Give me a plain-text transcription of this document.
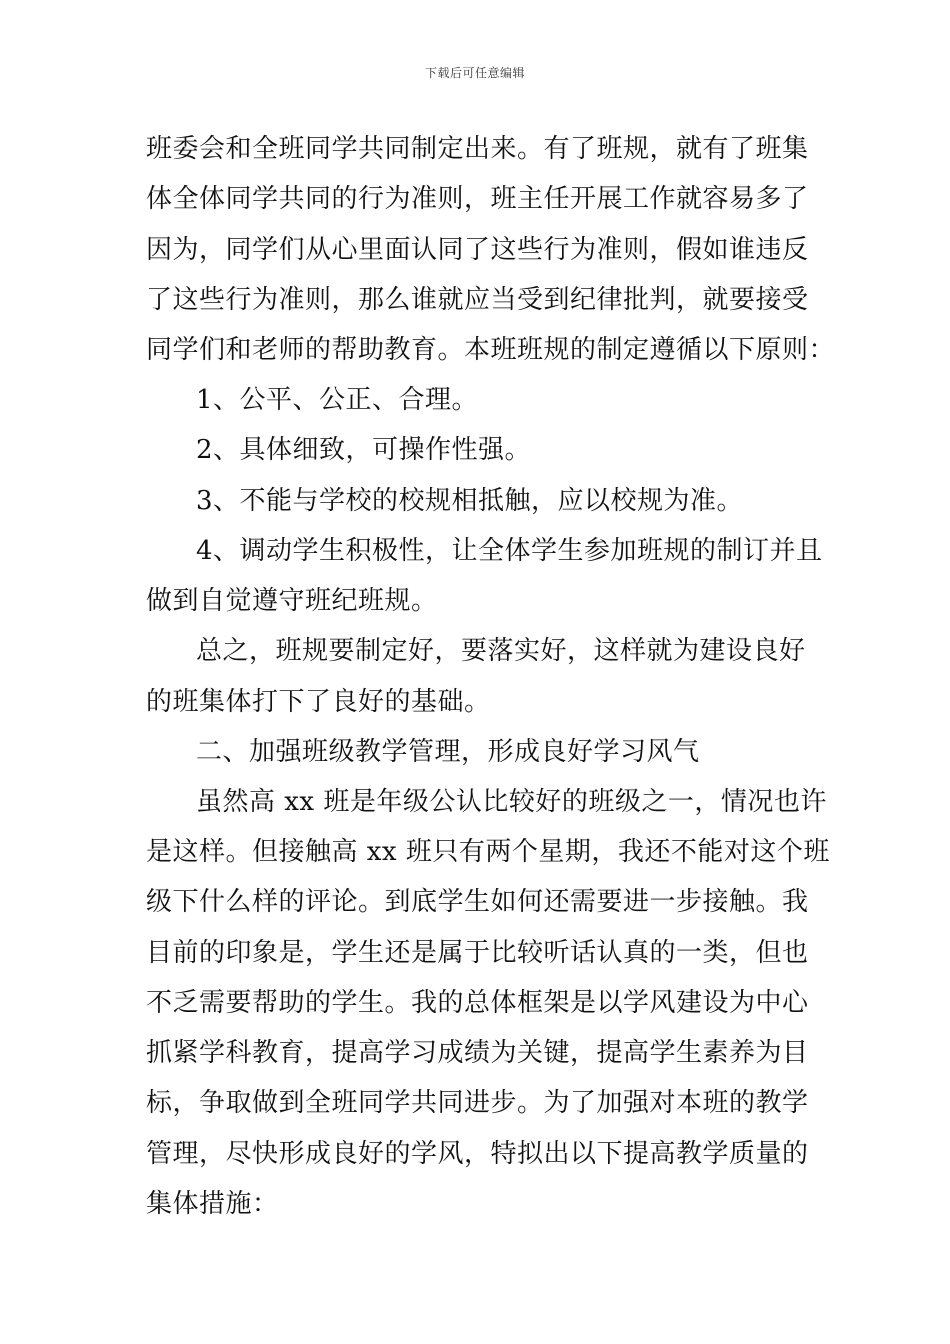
下载后可任意编辑
班委会和全班同学共同制定出来。有了班规，就有了班集
体全体同学共同的行为准则，班主任开展工作就容易多了
因为，同学们从心里面认同了这些行为准则，假如谁违反
了这些行为准则，那么谁就应当受到纪律批判，就要接受
同学们和老师的帮助教育。本班班规的制定遵循以下原则：
1、公平、公正、合理。
2、具体细致，可操作性强。
3、不能与学校的校规相抵触，应以校规为准。
4、调动学生积极性，让全体学生参加班规的制订并且
做到自觉遵守班纪班规。
总之，班规要制定好，要落实好，这样就为建设良好
的班集体打下了良好的基础。
二、加强班级教学管理，形成良好学习风气
虽然高 xx 班是年级公认比较好的班级之一，情况也许
是这样。但接触高 xx 班只有两个星期，我还不能对这个班
级下什么样的评论。到底学生如何还需要进一步接触。我
目前的印象是，学生还是属于比较听话认真的一类，但也
不乏需要帮助的学生。我的总体框架是以学风建设为中心
抓紧学科教育，提高学习成绩为关键，提高学生素养为目
标，争取做到全班同学共同进步。为了加强对本班的教学
管理，尽快形成良好的学风，特拟出以下提高教学质量的
集体措施：
